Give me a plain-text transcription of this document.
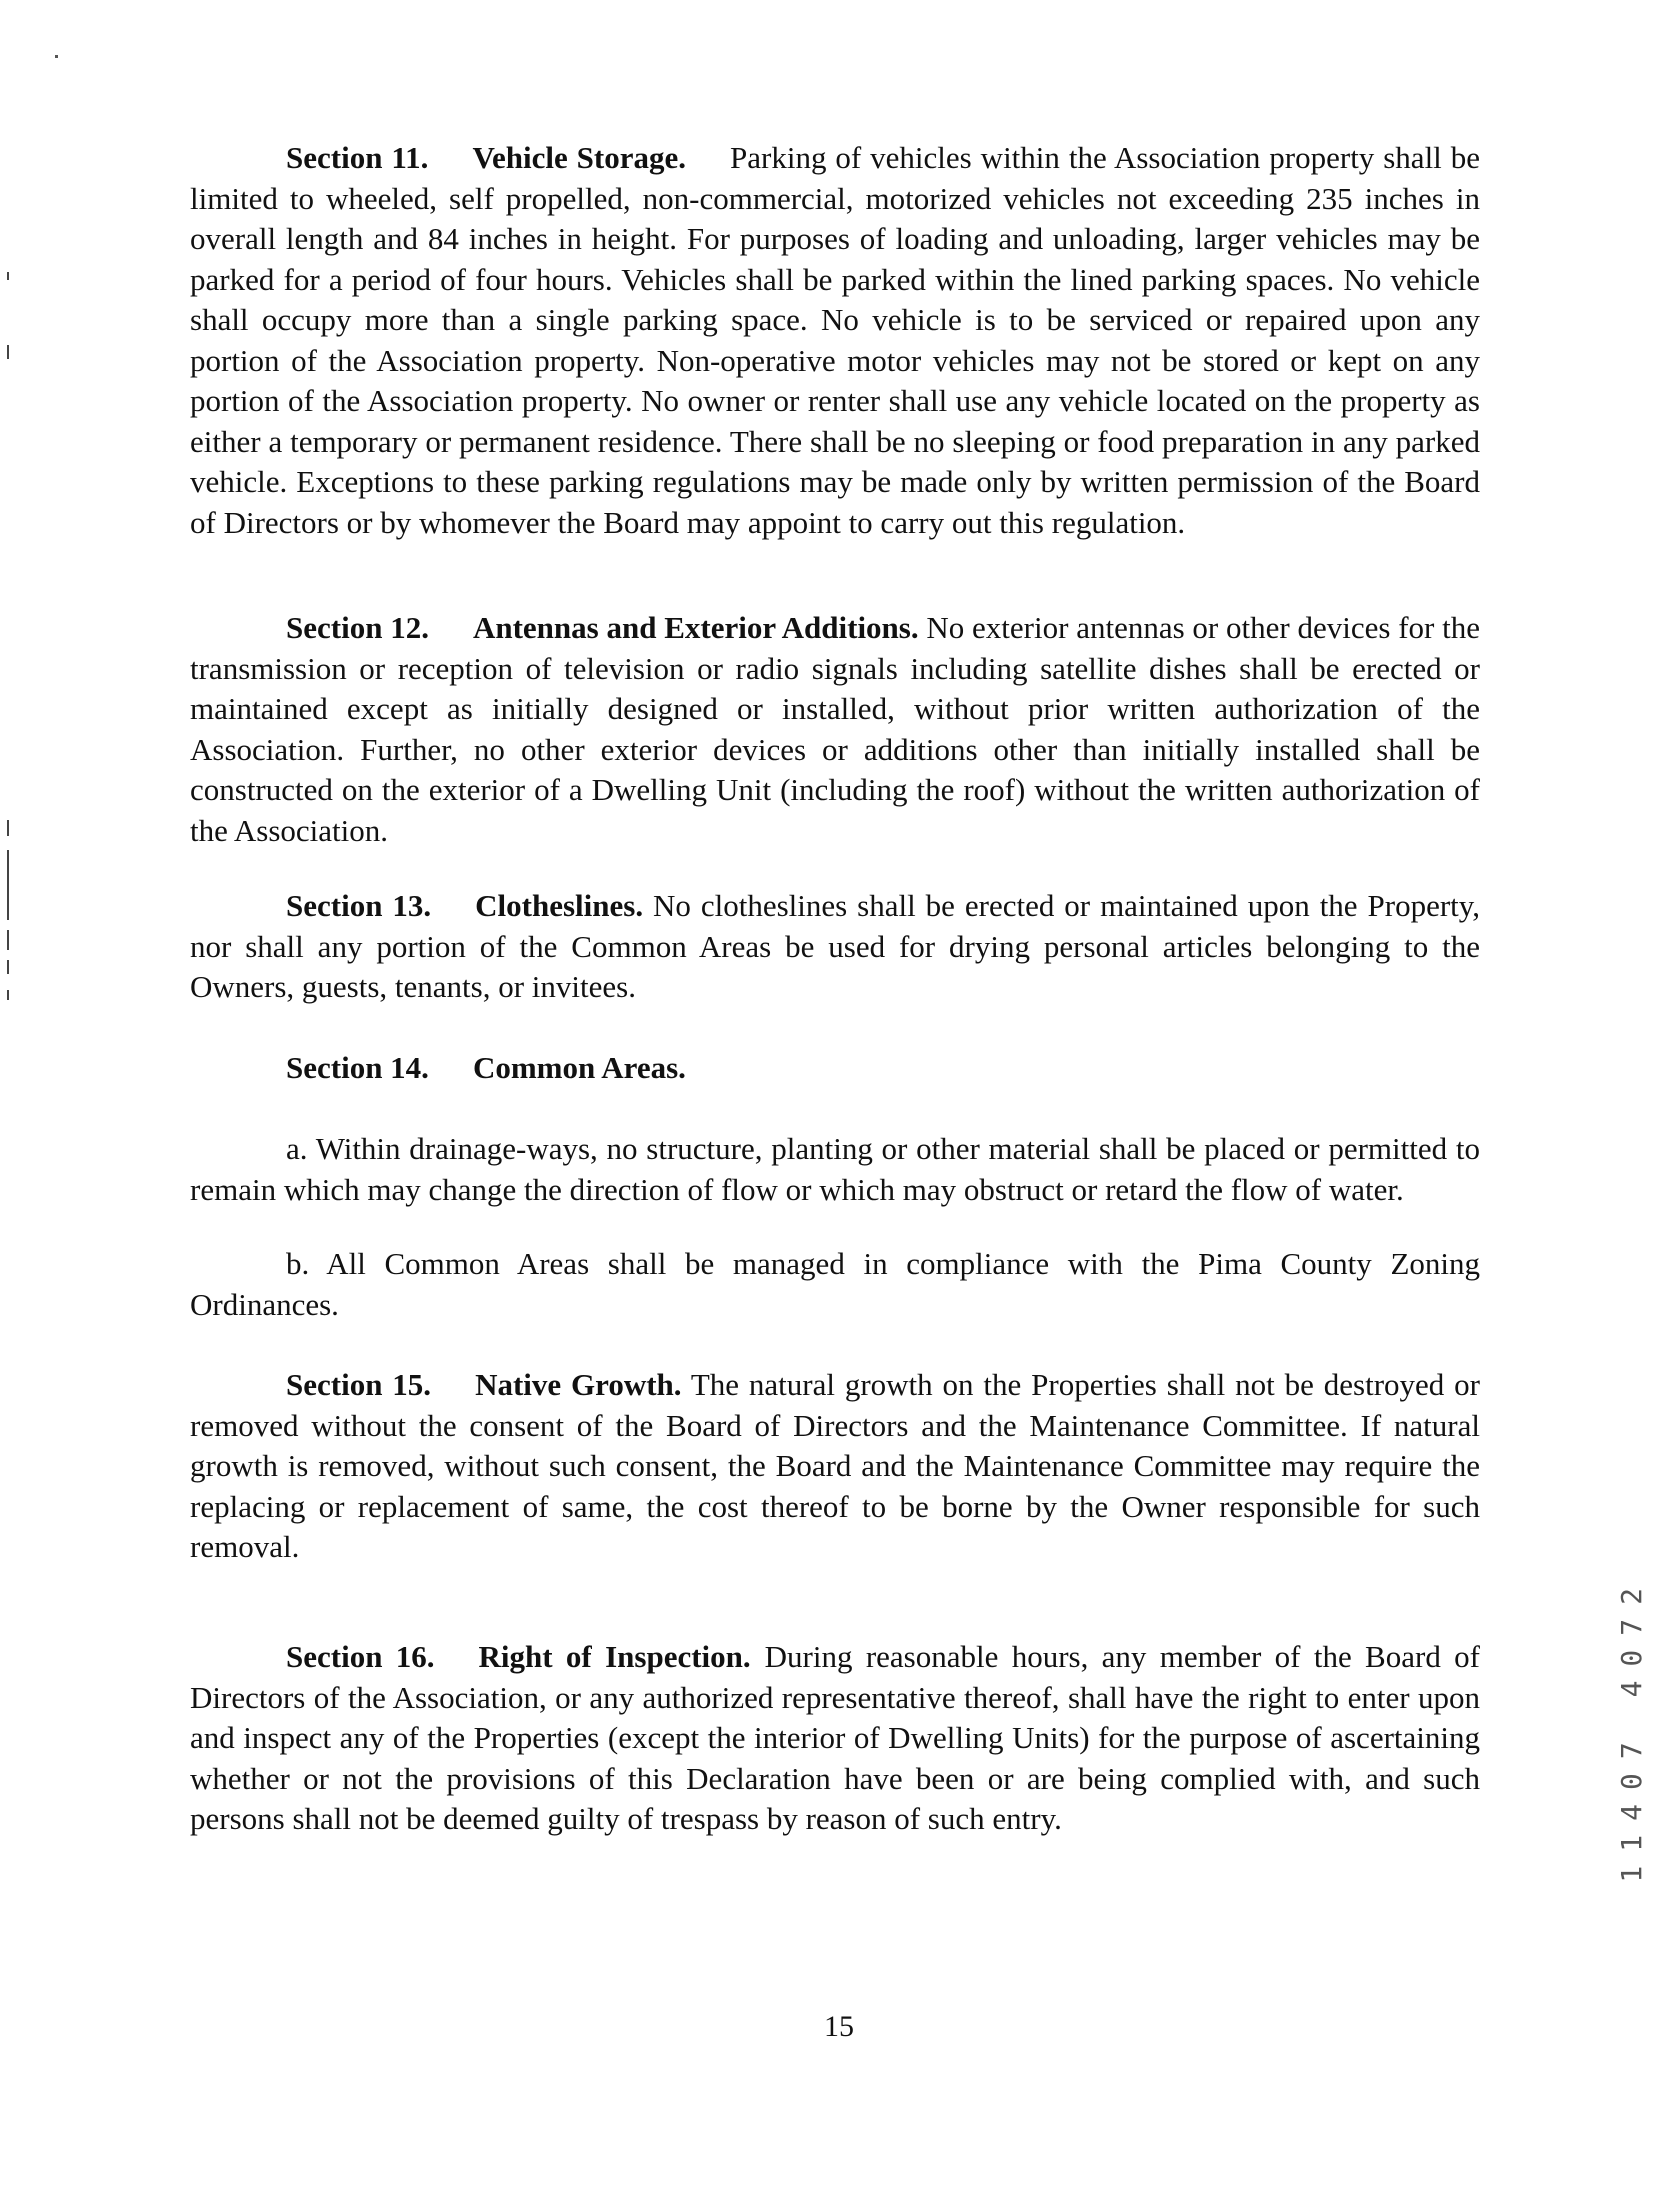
Section 11. Vehicle Storage. Parking of vehicles within the Association property shall be limited to wheeled, self propelled, non-commercial, motorized vehicles not exceeding 235 inches in overall length and 84 inches in height. For purposes of loading and unloading, larger vehicles may be parked for a period of four hours. Vehicles shall be parked within the lined parking spaces. No vehicle shall occupy more than a single parking space. No vehicle is to be serviced or repaired upon any portion of the Association property. Non-operative motor vehicles may not be stored or kept on any portion of the Association property. No owner or renter shall use any vehicle located on the property as either a temporary or permanent residence. There shall be no sleeping or food preparation in any parked vehicle. Exceptions to these parking regulations may be made only by written permission of the Board of Directors or by whomever the Board may appoint to carry out this regulation.
Section 12. Antennas and Exterior Additions. No exterior antennas or other devices for the transmission or reception of television or radio signals including satellite dishes shall be erected or maintained except as initially designed or installed, without prior written authorization of the Association. Further, no other exterior devices or additions other than initially installed shall be constructed on the exterior of a Dwelling Unit (including the roof) without the written authorization of the Association.
Section 13. Clotheslines. No clotheslines shall be erected or maintained upon the Property, nor shall any portion of the Common Areas be used for drying personal articles belonging to the Owners, guests, tenants, or invitees.
Section 14. Common Areas.
a. Within drainage-ways, no structure, planting or other material shall be placed or permitted to remain which may change the direction of flow or which may obstruct or retard the flow of water.
b. All Common Areas shall be managed in compliance with the Pima County Zoning Ordinances.
Section 15. Native Growth. The natural growth on the Properties shall not be destroyed or removed without the consent of the Board of Directors and the Maintenance Committee. If natural growth is removed, without such consent, the Board and the Maintenance Committee may require the replacing or replacement of same, the cost thereof to be borne by the Owner responsible for such removal.
Section 16. Right of Inspection. During reasonable hours, any member of the Board of Directors of the Association, or any authorized representative thereof, shall have the right to enter upon and inspect any of the Properties (except the interior of Dwelling Units) for the purpose of ascertaining whether or not the provisions of this Declaration have been or are being complied with, and such persons shall not be deemed guilty of trespass by reason of such entry.
15
11407 4072
